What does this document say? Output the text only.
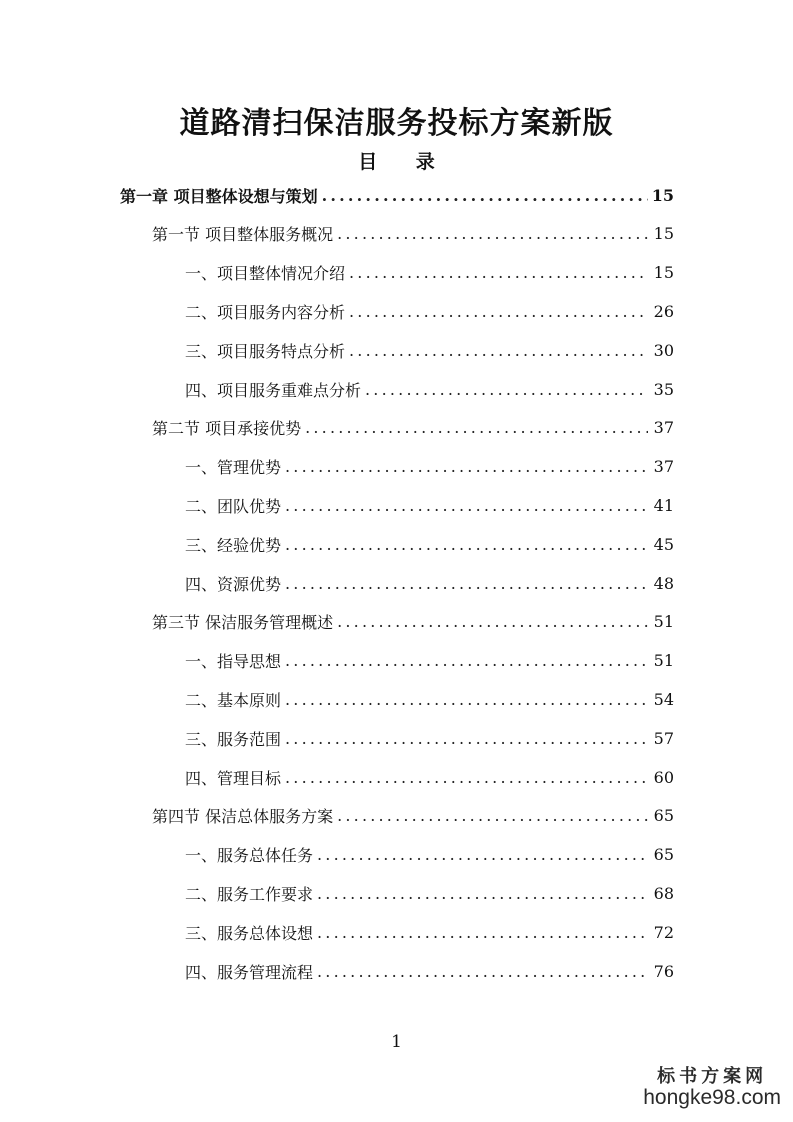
道路清扫保洁服务投标方案新版
目 录
第一章 项目整体设想与策划 .....	15
第一节 项目整体服务概况 .....	15
一、项目整体情况介绍 .....	15
二、项目服务内容分析 .....	26
三、项目服务特点分析 .....	30
四、项目服务重难点分析 .....	35
第二节 项目承接优势 .....	37
一、管理优势 .....	37
二、团队优势 .....	41
三、经验优势 .....	45
四、资源优势 .....	48
第三节 保洁服务管理概述 .....	51
一、指导思想 .....	51
二、基本原则 .....	54
三、服务范围 .....	57
四、管理目标 .....	60
第四节 保洁总体服务方案 .....	65
一、服务总体任务 .....	65
二、服务工作要求 .....	68
三、服务总体设想 .....	72
四、服务管理流程 .....	76
1
标书方案网
hongke98.com
